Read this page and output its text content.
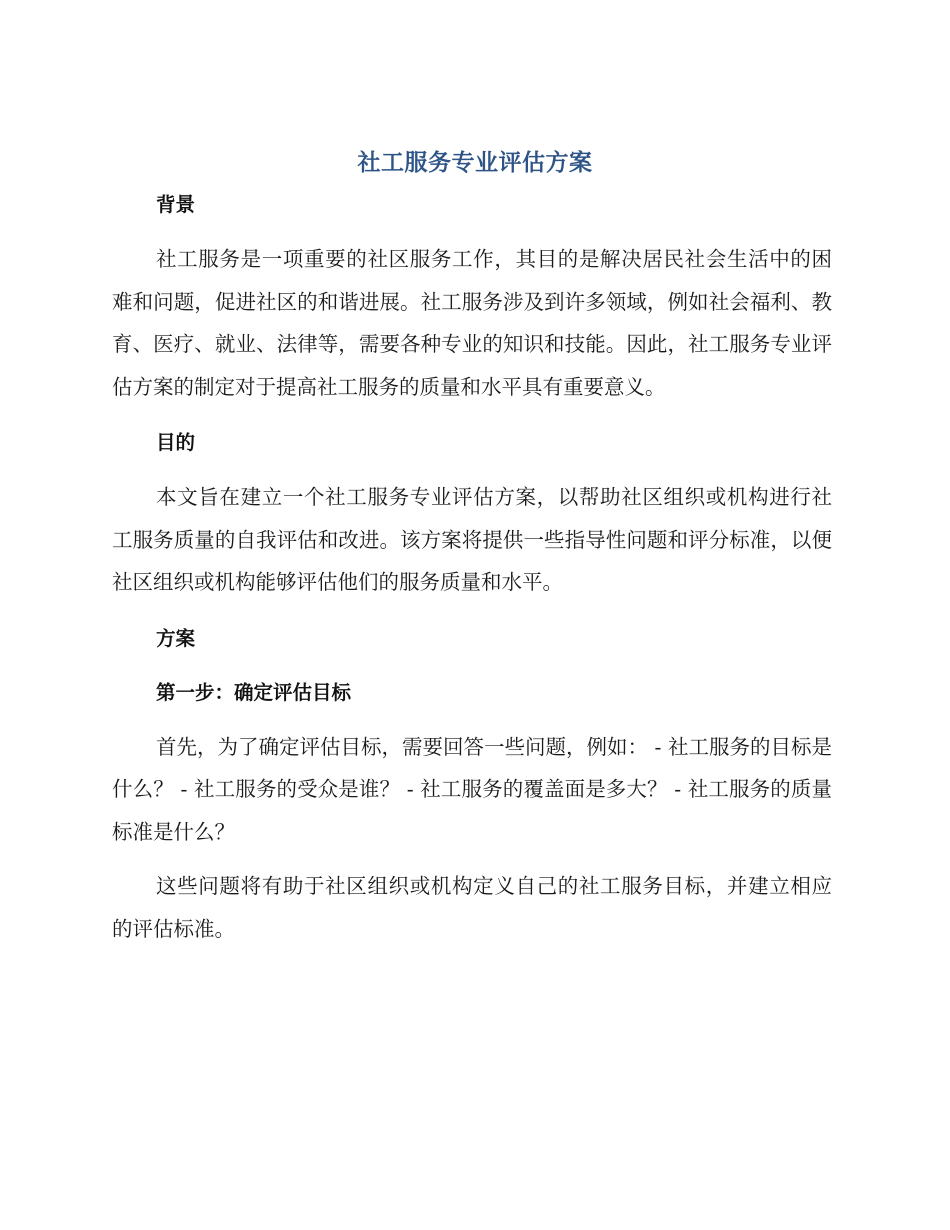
社工服务专业评估方案
背景

社工服务是一项重要的社区服务工作，其目的是解决居民社会生活中的困难和问题，促进社区的和谐进展。社工服务涉及到许多领域，例如社会福利、教育、医疗、就业、法律等，需要各种专业的知识和技能。因此，社工服务专业评估方案的制定对于提高社工服务的质量和水平具有重要意义。

目的

本文旨在建立一个社工服务专业评估方案，以帮助社区组织或机构进行社工服务质量的自我评估和改进。该方案将提供一些指导性问题和评分标准，以便社区组织或机构能够评估他们的服务质量和水平。

方案
第一步：确定评估目标

首先，为了确定评估目标，需要回答一些问题，例如： - 社工服务的目标是什么？ - 社工服务的受众是谁？ - 社工服务的覆盖面是多大？ - 社工服务的质量标准是什么？

这些问题将有助于社区组织或机构定义自己的社工服务目标，并建立相应的评估标准。
